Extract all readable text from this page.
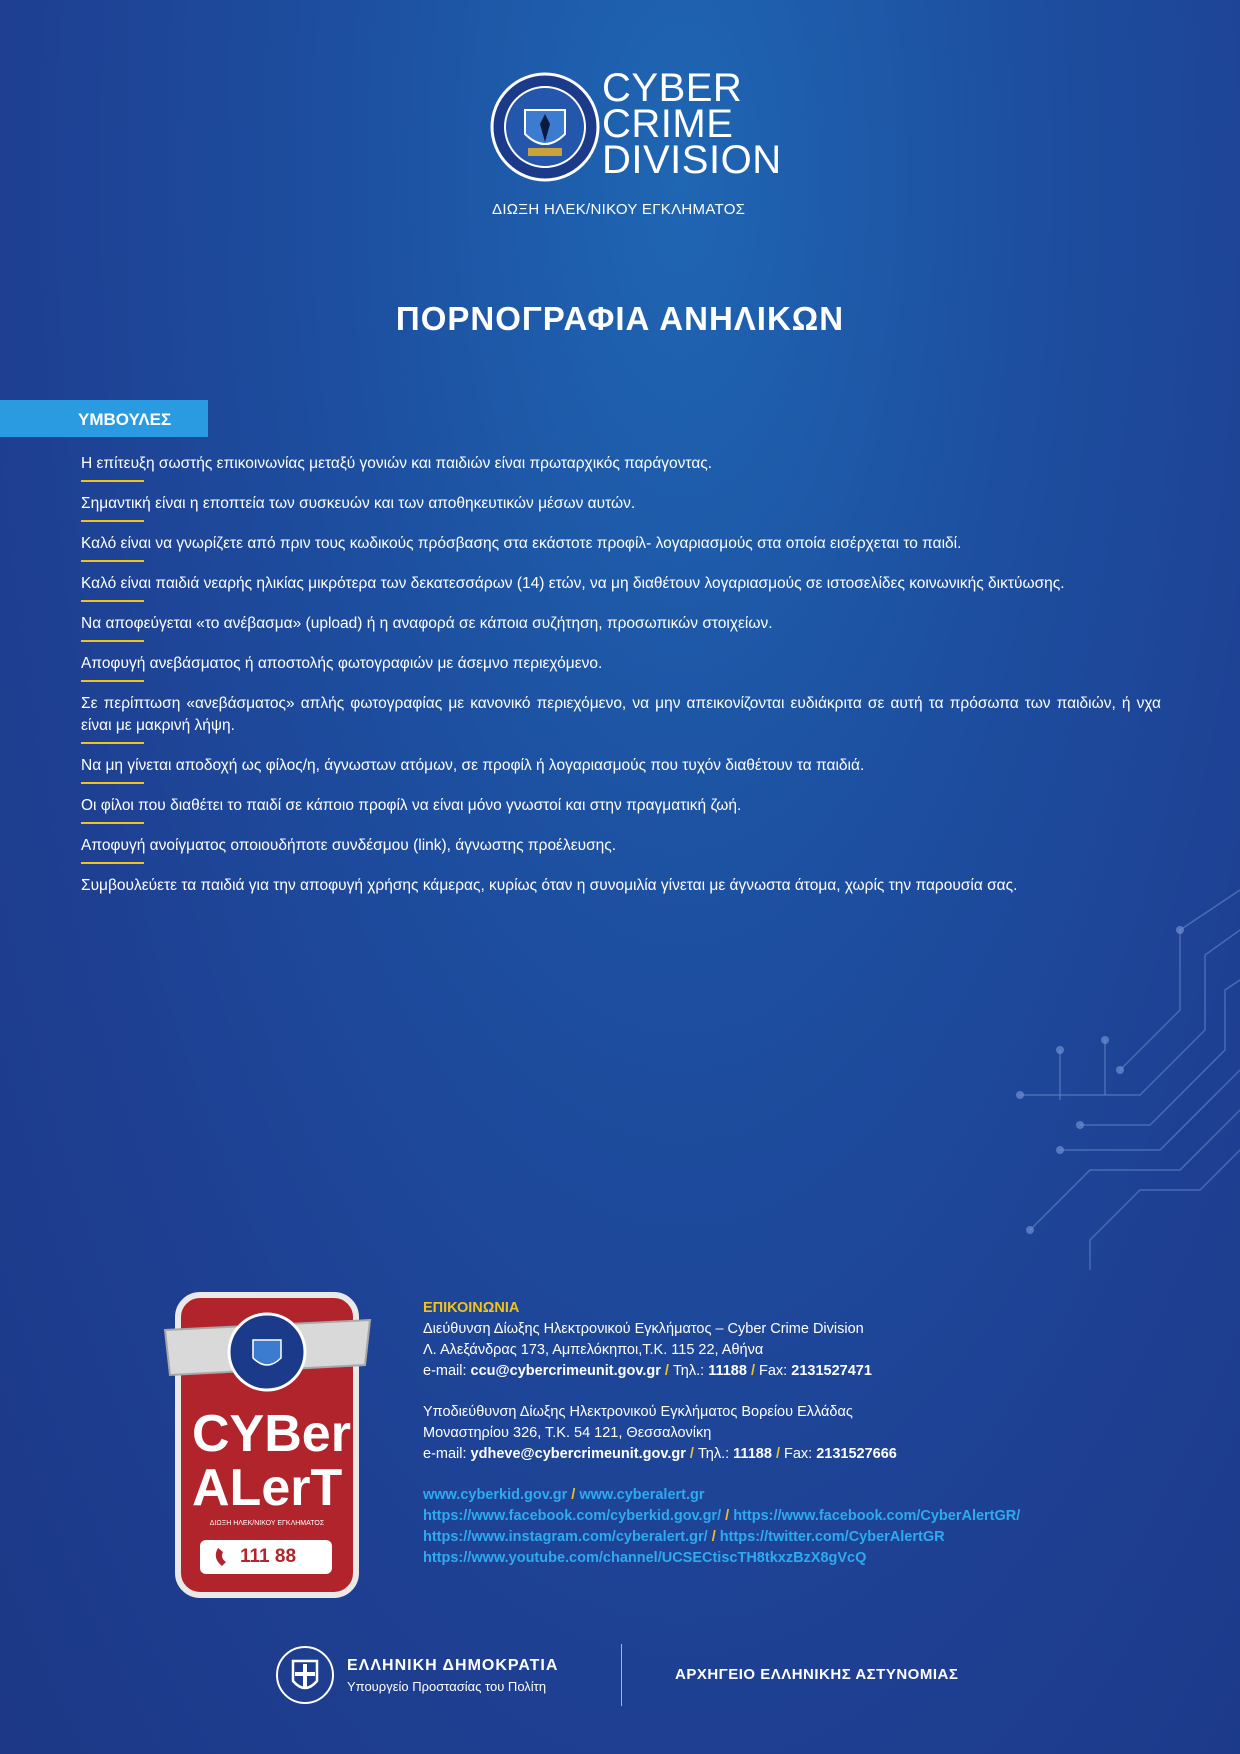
CYBER
CRIME
DIVISION
ΔΙΩΞΗ ΗΛΕΚ/ΝΙΚΟΥ ΕΓΚΛΗΜΑΤΟΣ
ΠΟΡΝΟΓΡΑΦΙΑ ΑΝΗΛΙΚΩΝ
ΥΜΒΟΥΛΕΣ
Η επίτευξη σωστής επικοινωνίας μεταξύ γονιών και παιδιών είναι πρωταρχικός παράγοντας.
Σημαντική είναι η εποπτεία των συσκευών και των αποθηκευτικών μέσων αυτών.
Καλό είναι να γνωρίζετε από πριν τους κωδικούς πρόσβασης στα εκάστοτε προφίλ- λογαριασμούς στα οποία εισέρχεται το παιδί.
Καλό είναι παιδιά νεαρής ηλικίας μικρότερα των δεκατεσσάρων (14) ετών, να μη διαθέτουν λογαριασμούς σε ιστοσελίδες κοινωνικής δικτύωσης.
Να αποφεύγεται «το ανέβασμα» (upload) ή η αναφορά σε κάποια συζήτηση, προσωπικών στοιχείων.
Αποφυγή ανεβάσματος ή αποστολής φωτογραφιών με άσεμνο περιεχόμενο.
Σε περίπτωση «ανεβάσματος» απλής φωτογραφίας με κανονικό περιεχόμενο, να μην απεικονίζονται ευδιάκριτα σε αυτή τα πρόσωπα των παιδιών, ή νχα είναι με μακρινή λήψη.
Να μη γίνεται αποδοχή ως φίλος/η, άγνωστων ατόμων, σε προφίλ ή λογαριασμούς που τυχόν διαθέτουν τα παιδιά.
Οι φίλοι που διαθέτει το παιδί σε κάποιο προφίλ να είναι μόνο γνωστοί και στην πραγματική ζωή.
Αποφυγή ανοίγματος οποιουδήποτε συνδέσμου (link), άγνωστης προέλευσης.
Συμβουλεύετε τα παιδιά για την αποφυγή χρήσης κάμερας, κυρίως όταν η συνομιλία γίνεται με άγνωστα άτομα, χωρίς την παρουσία σας.
CYBer
ALerT
ΔΙΩΞΗ ΗΛΕΚ/ΝΙΚΟΥ ΕΓΚΛΗΜΑΤΟΣ
111 88
ΕΠΙΚΟΙΝΩΝΙΑ
Διεύθυνση Δίωξης Ηλεκτρονικού Εγκλήματος – Cyber Crime Division
Λ. Αλεξάνδρας 173, Αμπελόκηποι,Τ.Κ. 115 22, Αθήνα
e-mail: ccu@cybercrimeunit.gov.gr / Τηλ.: 11188 / Fax: 2131527471
Υποδιεύθυνση Δίωξης Ηλεκτρονικού Εγκλήματος Βορείου Ελλάδας
Μοναστηρίου 326, Τ.Κ. 54 121, Θεσσαλονίκη
e-mail: ydheve@cybercrimeunit.gov.gr / Τηλ.: 11188 / Fax: 2131527666
www.cyberkid.gov.gr / www.cyberalert.gr
https://www.facebook.com/cyberkid.gov.gr/ / https://www.facebook.com/CyberAlertGR/
https://www.instagram.com/cyberalert.gr/ / https://twitter.com/CyberAlertGR
https://www.youtube.com/channel/UCSECtiscTH8tkxzBzX8gVcQ
ΕΛΛΗΝΙΚΗ ΔΗΜΟΚΡΑΤΙΑ
Υπουργείο Προστασίας του Πολίτη
ΑΡΧΗΓΕΙΟ ΕΛΛΗΝΙΚΗΣ ΑΣΤΥΝΟΜΙΑΣ
